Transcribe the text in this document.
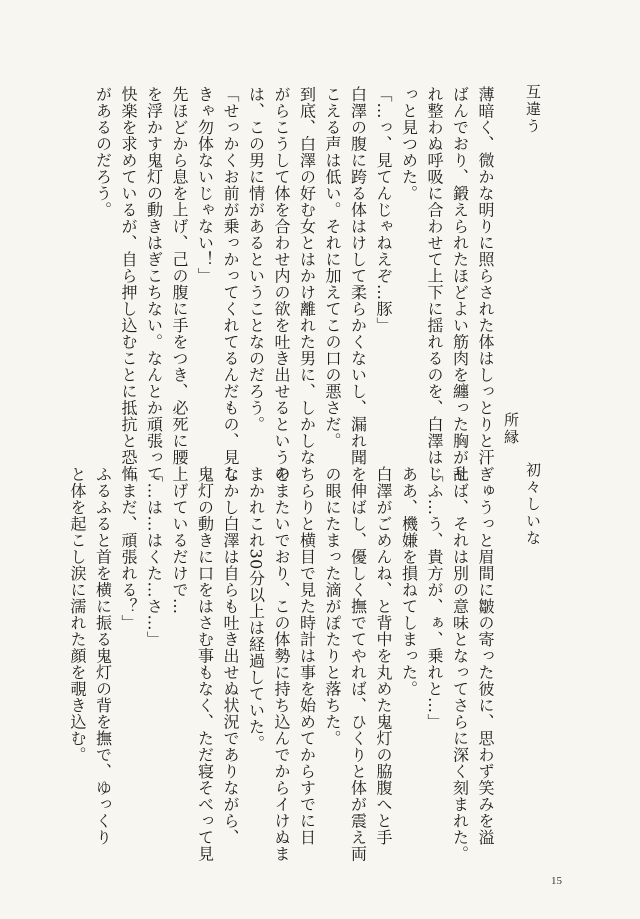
互違う
所縁
初々しいな
薄暗く、微かな明りに照らされた体はしっとりと汗
ばんでおり、鍛えられたほどよい筋肉を纏った胸が乱
れ整わぬ呼吸に合わせて上下に揺れるのを、白澤はじ
っと見つめた。
「…っ、見てんじゃねえぞ…豚」
白澤の腹に跨る体はけして柔らかくないし、漏れ聞
こえる声は低い。それに加えてこの口の悪さだ。
到底、白澤の好む女とはかけ離れた男に、しかしな
がらこうして体を合わせ内の欲を吐き出せるというの
は、この男に情があるということなのだろう。
「せっかくお前が乗っかってくれてるんだもの、見な
きゃ勿体ないじゃない！」
先ほどから息を上げ、己の腹に手をつき、必死に腰
を浮かす鬼灯の動きはぎこちない。なんとか頑張って
快楽を求めているが、自ら押し込むことに抵抗と恐怖
があるのだろう。
ぎゅうっと眉間に皺の寄った彼に、思わず笑みを溢
せば、それは別の意味となってさらに深く刻まれた。
「ふ…う、貴方が、ぁ、乗れと…」
ああ、機嫌を損ねてしまった。
白澤がごめんね、と背中を丸めた鬼灯の脇腹へと手
を伸ばし、優しく撫でてやれば、ひくりと体が震え両
の眼にたまった滴がぽたりと落ちた。
ちらりと横目で見た時計は事を始めてからすでに日
をまたいでおり、この体勢に持ち込んでからイけぬま
まかれこれ30分以上は経過していた。
しかし白澤は自らも吐き出せぬ状況でありながら、
鬼灯の動きに口をはさむ事もなく、ただ寝そべって見
上げているだけで…
「…は…はくた…さ…」
「まだ、頑張れる？」
ふるふると首を横に振る鬼灯の背を撫で、ゆっくり
と体を起こし涙に濡れた顔を覗き込む。
15
